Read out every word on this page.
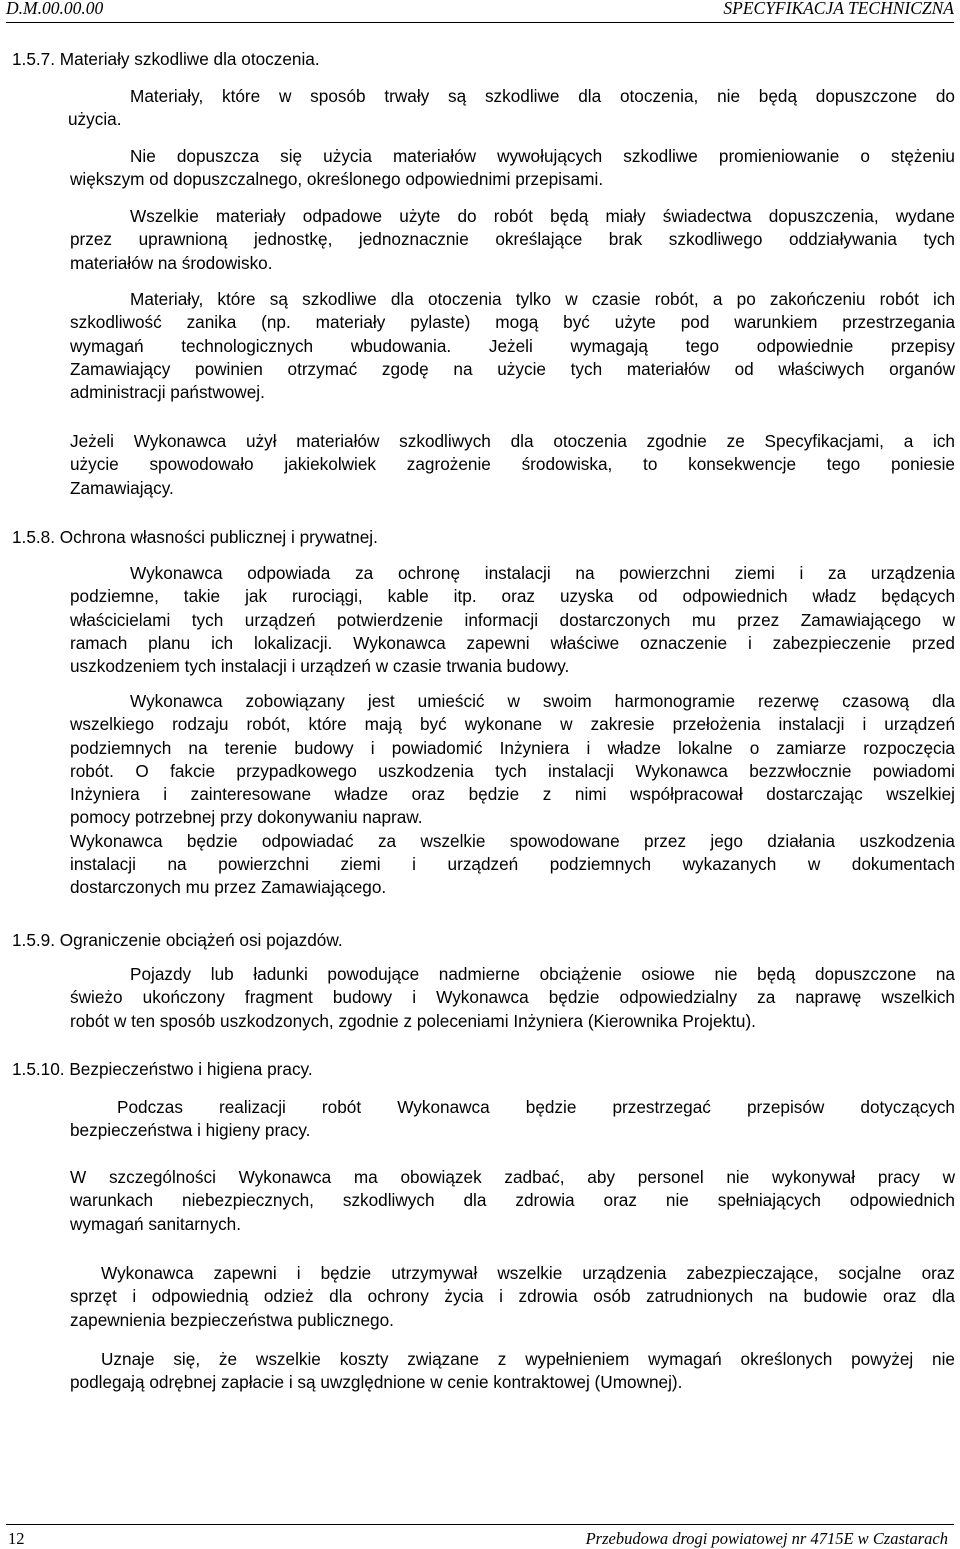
D.M.00.00.00	SPECYFIKACJA TECHNICZNA

1.5.7. Materiały szkodliwe dla otoczenia.

Materiały, które w sposób trwały są szkodliwe dla otoczenia, nie będą dopuszczone do
użycia.
Nie dopuszcza się użycia materiałów wywołujących szkodliwe promieniowanie o stężeniu
większym od dopuszczalnego, określonego odpowiednimi przepisami.
Wszelkie materiały odpadowe użyte do robót będą miały świadectwa dopuszczenia, wydane
przez uprawnioną jednostkę, jednoznacznie określające brak szkodliwego oddziaływania tych
materiałów na środowisko.
Materiały, które są szkodliwe dla otoczenia tylko w czasie robót, a po zakończeniu robót ich
szkodliwość zanika (np. materiały pylaste) mogą być użyte pod warunkiem przestrzegania
wymagań technologicznych wbudowania. Jeżeli wymagają tego odpowiednie przepisy
Zamawiający powinien otrzymać zgodę na użycie tych materiałów od właściwych organów
administracji państwowej.
Jeżeli Wykonawca użył materiałów szkodliwych dla otoczenia zgodnie ze Specyfikacjami, a ich
użycie spowodowało jakiekolwiek zagrożenie środowiska, to konsekwencje tego poniesie
Zamawiający.

1.5.8. Ochrona własności publicznej i prywatnej.

Wykonawca odpowiada za ochronę instalacji na powierzchni ziemi i za urządzenia
podziemne, takie jak rurociągi, kable itp. oraz uzyska od odpowiednich władz będących
właścicielami tych urządzeń potwierdzenie informacji dostarczonych mu przez Zamawiającego w
ramach planu ich lokalizacji. Wykonawca zapewni właściwe oznaczenie i zabezpieczenie przed
uszkodzeniem tych instalacji i urządzeń w czasie trwania budowy.
Wykonawca zobowiązany jest umieścić w swoim harmonogramie rezerwę czasową dla
wszelkiego rodzaju robót, które mają być wykonane w zakresie przełożenia instalacji i urządzeń
podziemnych na terenie budowy i powiadomić Inżyniera i władze lokalne o zamiarze rozpoczęcia
robót. O fakcie przypadkowego uszkodzenia tych instalacji Wykonawca bezzwłocznie powiadomi
Inżyniera i zainteresowane władze oraz będzie z nimi współpracował dostarczając wszelkiej
pomocy potrzebnej przy dokonywaniu napraw.
Wykonawca będzie odpowiadać za wszelkie spowodowane przez jego działania uszkodzenia
instalacji na powierzchni ziemi i urządzeń podziemnych wykazanych w dokumentach
dostarczonych mu przez Zamawiającego.

1.5.9. Ograniczenie obciążeń osi pojazdów.

Pojazdy lub ładunki powodujące nadmierne obciążenie osiowe nie będą dopuszczone na
świeżo ukończony fragment budowy i Wykonawca będzie odpowiedzialny za naprawę wszelkich
robót w ten sposób uszkodzonych, zgodnie z poleceniami Inżyniera (Kierownika Projektu).

1.5.10. Bezpieczeństwo i higiena pracy.

Podczas realizacji robót Wykonawca będzie przestrzegać przepisów dotyczących
bezpieczeństwa i higieny pracy.
W szczególności Wykonawca ma obowiązek zadbać, aby personel nie wykonywał pracy w
warunkach niebezpiecznych, szkodliwych dla zdrowia oraz nie spełniających odpowiednich
wymagań sanitarnych.
Wykonawca zapewni i będzie utrzymywał wszelkie urządzenia zabezpieczające, socjalne oraz
sprzęt i odpowiednią odzież dla ochrony życia i zdrowia osób zatrudnionych na budowie oraz dla
zapewnienia bezpieczeństwa publicznego.
Uznaje się, że wszelkie koszty związane z wypełnieniem wymagań określonych powyżej nie
podlegają odrębnej zapłacie i są uwzględnione w cenie kontraktowej (Umownej).
12	Przebudowa drogi powiatowej nr 4715E w Czastarach
